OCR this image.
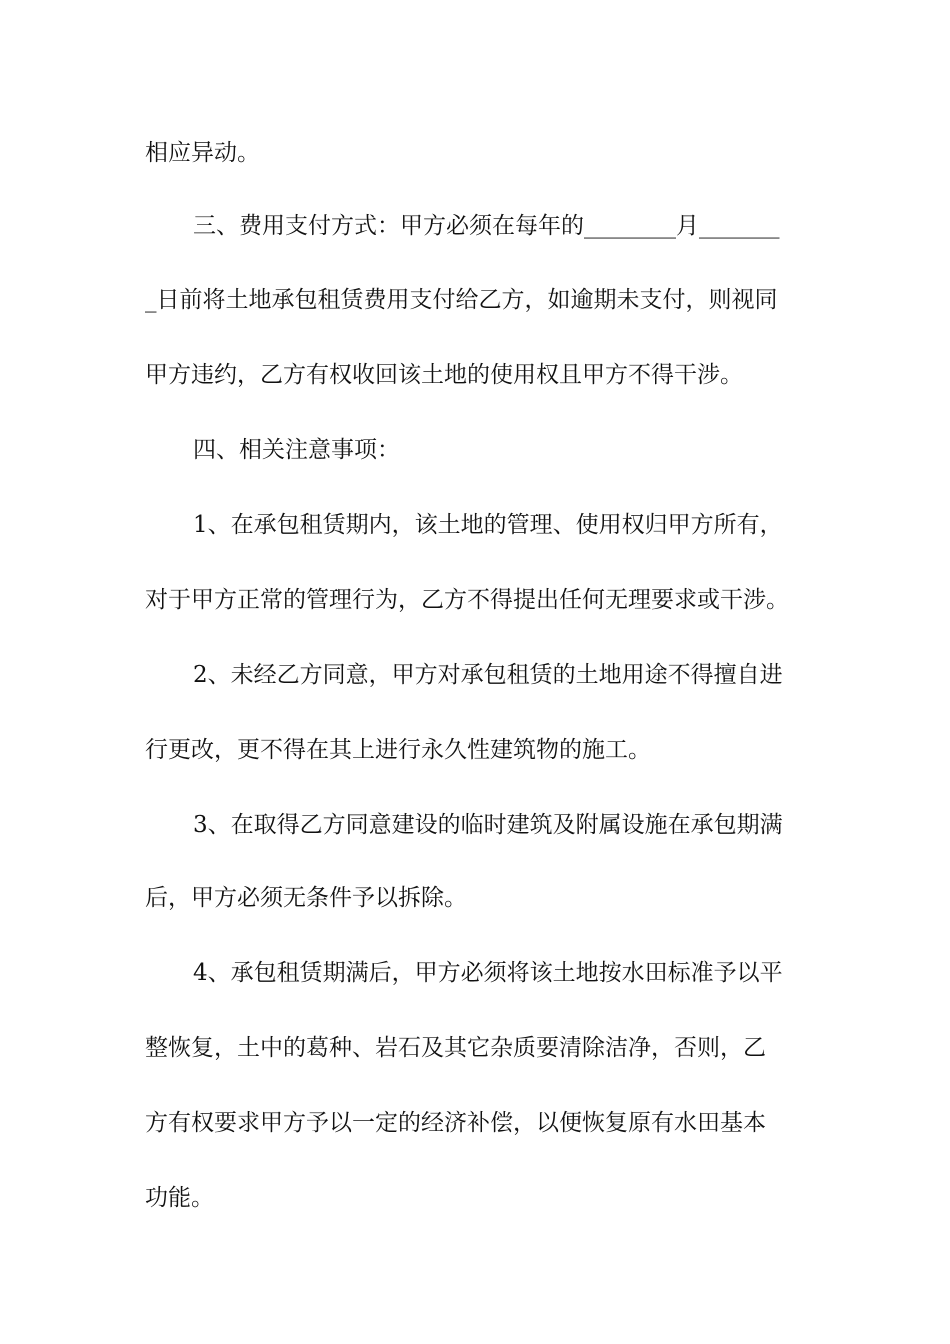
相应异动。
三、费用支付方式：甲方必须在每年的________月_______
_日前将土地承包租赁费用支付给乙方，如逾期未支付，则视同
甲方违约，乙方有权收回该土地的使用权且甲方不得干涉。
四、相关注意事项：
1、在承包租赁期内，该土地的管理、使用权归甲方所有，
对于甲方正常的管理行为，乙方不得提出任何无理要求或干涉。
2、未经乙方同意，甲方对承包租赁的土地用途不得擅自进
行更改，更不得在其上进行永久性建筑物的施工。
3、在取得乙方同意建设的临时建筑及附属设施在承包期满
后，甲方必须无条件予以拆除。
4、承包租赁期满后，甲方必须将该土地按水田标准予以平
整恢复，土中的葛种、岩石及其它杂质要清除洁净，否则，乙
方有权要求甲方予以一定的经济补偿，以便恢复原有水田基本
功能。
